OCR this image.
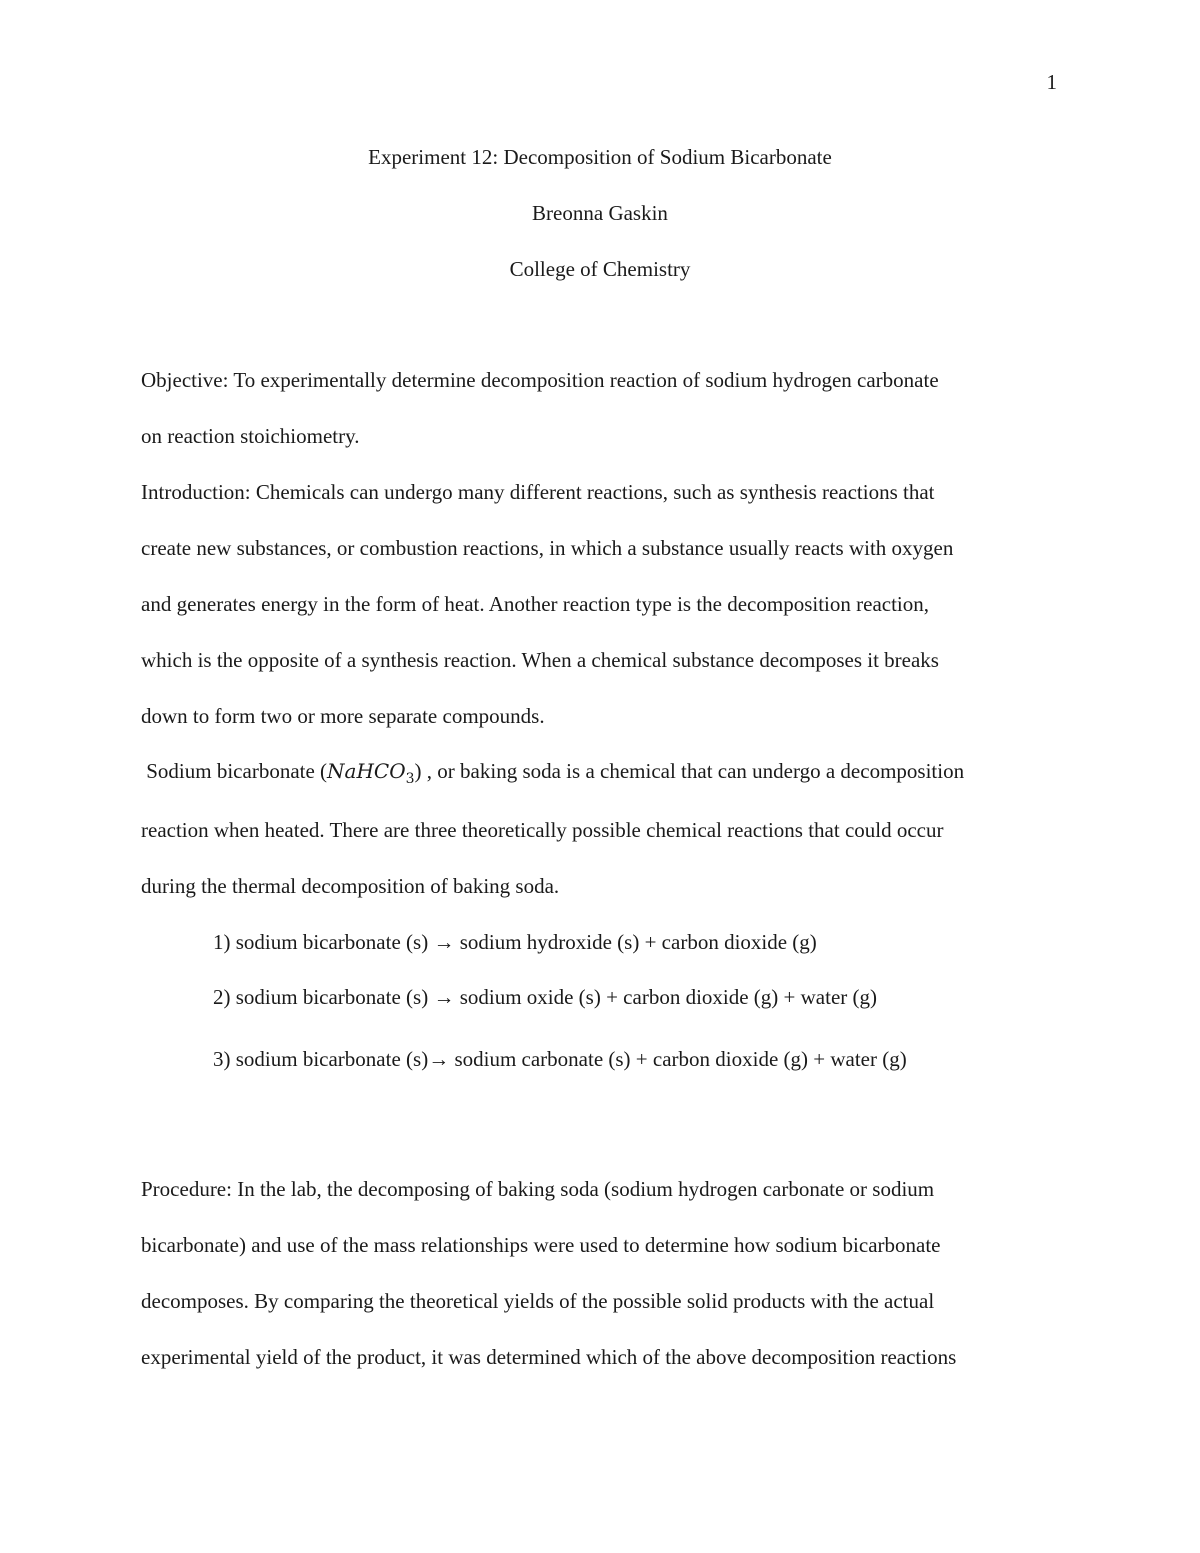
1
Experiment 12: Decomposition of Sodium Bicarbonate
Breonna Gaskin
College of Chemistry
Objective: To experimentally determine decomposition reaction of sodium hydrogen carbonate
on reaction stoichiometry.
Introduction: Chemicals can undergo many different reactions, such as synthesis reactions that
create new substances, or combustion reactions, in which a substance usually reacts with oxygen
and generates energy in the form of heat. Another reaction type is the decomposition reaction,
which is the opposite of a synthesis reaction. When a chemical substance decomposes it breaks
down to form two or more separate compounds.
Sodium bicarbonate (NaHCO$_3$) , or baking soda is a chemical that can undergo a decomposition
reaction when heated. There are three theoretically possible chemical reactions that could occur
during the thermal decomposition of baking soda.
Procedure: In the lab, the decomposing of baking soda (sodium hydrogen carbonate or sodium
bicarbonate) and use of the mass relationships were used to determine how sodium bicarbonate
decomposes. By comparing the theoretical yields of the possible solid products with the actual
experimental yield of the product, it was determined which of the above decomposition reactions
1) sodium bicarbonate (s) → sodium hydroxide (s) + carbon dioxide (g)
2) sodium bicarbonate (s) → sodium oxide (s) + carbon dioxide (g) + water (g)
3) sodium bicarbonate (s)→ sodium carbonate (s) + carbon dioxide (g) + water (g)
